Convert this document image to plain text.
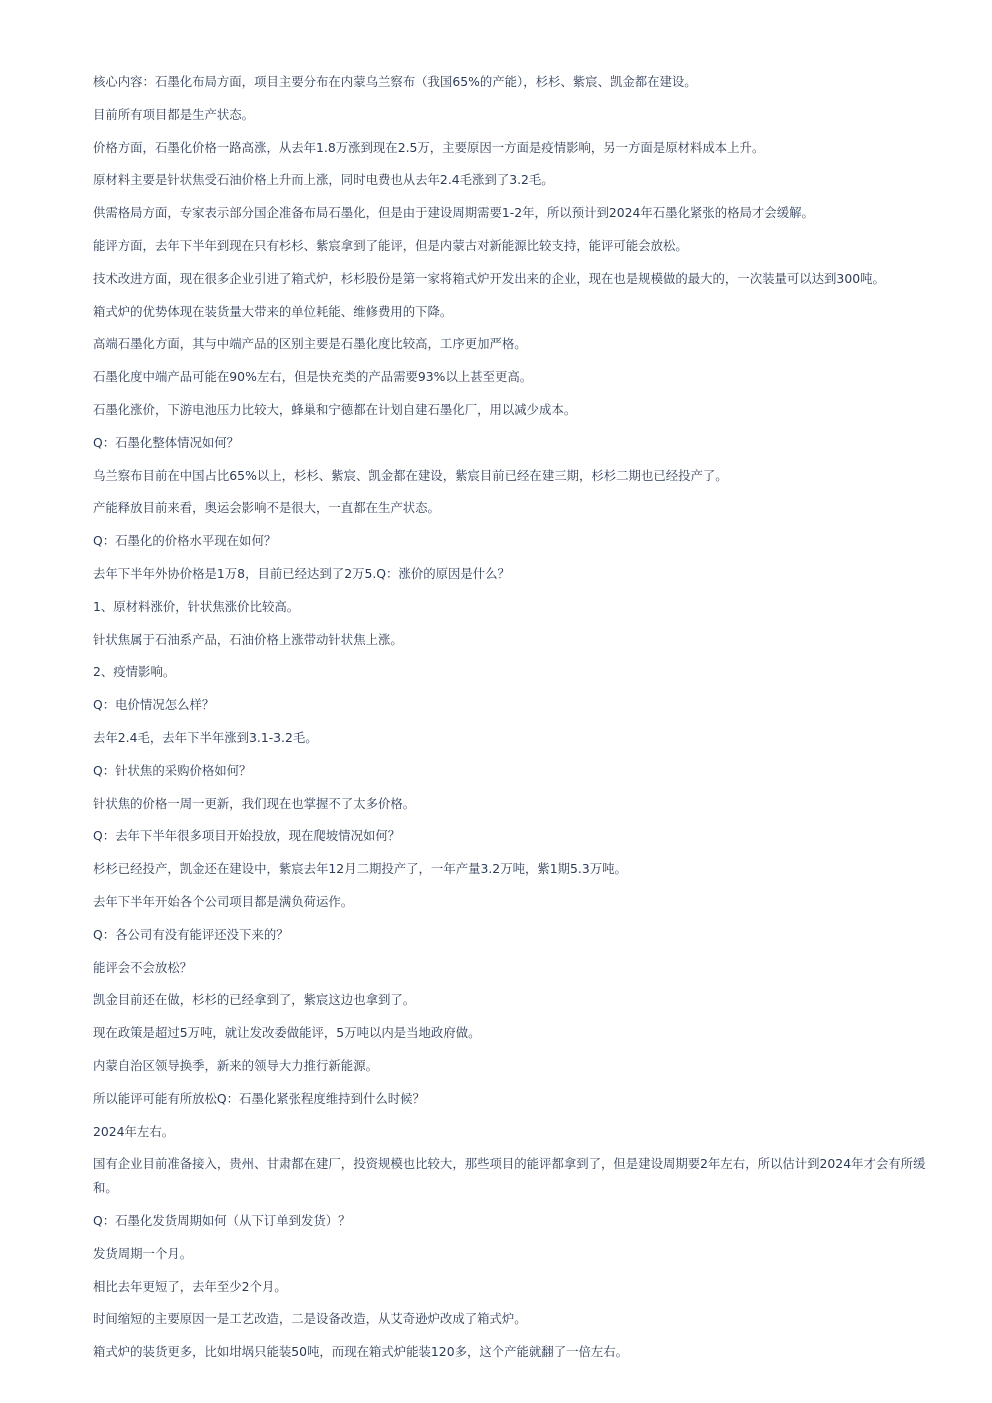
核心内容：石墨化布局方面，项目主要分布在内蒙乌兰察布（我国65%的产能），杉杉、紫宸、凯金都在建设。

目前所有项目都是生产状态。

价格方面，石墨化价格一路高涨，从去年1.8万涨到现在2.5万，主要原因一方面是疫情影响，另一方面是原材料成本上升。

原材料主要是针状焦受石油价格上升而上涨，同时电费也从去年2.4毛涨到了3.2毛。

供需格局方面，专家表示部分国企准备布局石墨化，但是由于建设周期需要1-2年，所以预计到2024年石墨化紧张的格局才会缓解。

能评方面，去年下半年到现在只有杉杉、紫宸拿到了能评，但是内蒙古对新能源比较支持，能评可能会放松。

技术改进方面，现在很多企业引进了箱式炉，杉杉股份是第一家将箱式炉开发出来的企业，现在也是规模做的最大的，一次装量可以达到300吨。

箱式炉的优势体现在装货量大带来的单位耗能、维修费用的下降。

高端石墨化方面，其与中端产品的区别主要是石墨化度比较高，工序更加严格。

石墨化度中端产品可能在90%左右，但是快充类的产品需要93%以上甚至更高。

石墨化涨价，下游电池压力比较大，蜂巢和宁德都在计划自建石墨化厂，用以减少成本。

Q：石墨化整体情况如何？

乌兰察布目前在中国占比65%以上，杉杉、紫宸、凯金都在建设，紫宸目前已经在建三期，杉杉二期也已经投产了。

产能释放目前来看，奥运会影响不是很大，一直都在生产状态。

Q：石墨化的价格水平现在如何？

去年下半年外协价格是1万8，目前已经达到了2万5.Q：涨价的原因是什么？

1、原材料涨价，针状焦涨价比较高。

针状焦属于石油系产品，石油价格上涨带动针状焦上涨。

2、疫情影响。

Q：电价情况怎么样？

去年2.4毛，去年下半年涨到3.1-3.2毛。

Q：针状焦的采购价格如何？

针状焦的价格一周一更新，我们现在也掌握不了太多价格。

Q：去年下半年很多项目开始投放，现在爬坡情况如何？

杉杉已经投产，凯金还在建设中，紫宸去年12月二期投产了，一年产量3.2万吨，紫1期5.3万吨。

去年下半年开始各个公司项目都是满负荷运作。

Q：各公司有没有能评还没下来的？

能评会不会放松？

凯金目前还在做，杉杉的已经拿到了，紫宸这边也拿到了。

现在政策是超过5万吨，就让发改委做能评，5万吨以内是当地政府做。

内蒙自治区领导换季，新来的领导大力推行新能源。

所以能评可能有所放松Q：石墨化紧张程度维持到什么时候？

2024年左右。

国有企业目前准备接入，贵州、甘肃都在建厂，投资规模也比较大，那些项目的能评都拿到了，但是建设周期要2年左右，所以估计到2024年才会有所缓和。

Q：石墨化发货周期如何（从下订单到发货）？

发货周期一个月。

相比去年更短了，去年至少2个月。

时间缩短的主要原因一是工艺改造，二是设备改造，从艾奇逊炉改成了箱式炉。

箱式炉的装货更多，比如坩埚只能装50吨，而现在箱式炉能装120多，这个产能就翻了一倍左右。
